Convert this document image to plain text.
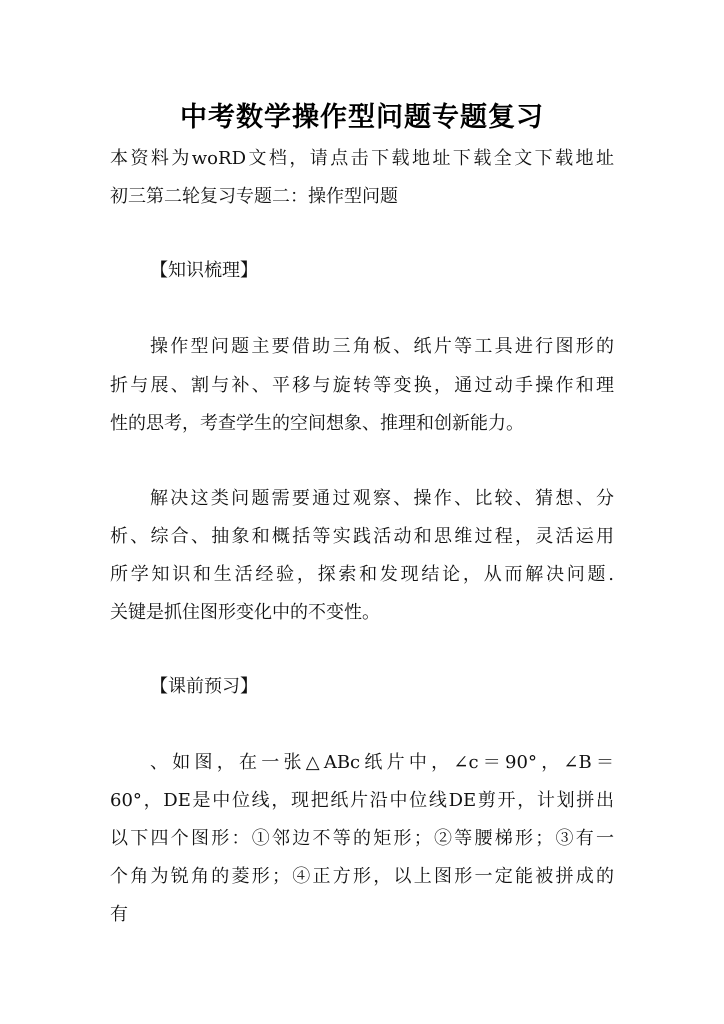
中考数学操作型问题专题复习
本资料为woRD文档，请点击下载地址下载全文下载地址
初三第二轮复习专题二：操作型问题
【知识梳理】
操作型问题主要借助三角板、纸片等工具进行图形的
折与展、割与补、平移与旋转等变换，通过动手操作和理
性的思考，考查学生的空间想象、推理和创新能力。
解决这类问题需要通过观察、操作、比较、猜想、分
析、综合、抽象和概括等实践活动和思维过程，灵活运用
所学知识和生活经验，探索和发现结论，从而解决问题.
关键是抓住图形变化中的不变性。
【课前预习】
、如图，在一张△ABc纸片中，∠c＝90°，∠B＝
60°，DE是中位线，现把纸片沿中位线DE剪开，计划拼出
以下四个图形：①邻边不等的矩形；②等腰梯形；③有一
个角为锐角的菱形；④正方形，以上图形一定能被拼成的
有
